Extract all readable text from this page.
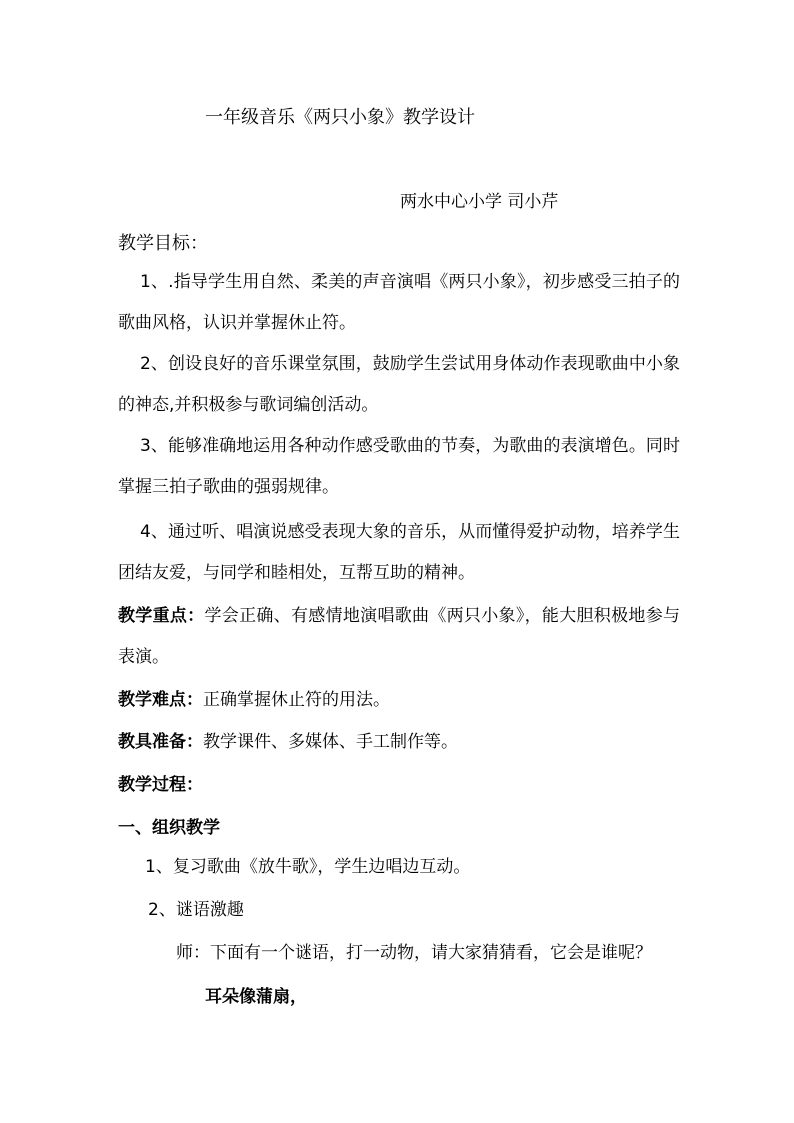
一年级音乐《两只小象》教学设计
两水中心小学 司小芹
教学目标：
1、.指导学生用自然、柔美的声音演唱《两只小象》，初步感受三拍子的歌曲风格，认识并掌握休止符。
2、创设良好的音乐课堂氛围，鼓励学生尝试用身体动作表现歌曲中小象的神态,并积极参与歌词编创活动。
3、能够准确地运用各种动作感受歌曲的节奏，为歌曲的表演增色。同时掌握三拍子歌曲的强弱规律。
4、通过听、唱演说感受表现大象的音乐，从而懂得爱护动物，培养学生团结友爱，与同学和睦相处，互帮互助的精神。
教学重点：学会正确、有感情地演唱歌曲《两只小象》，能大胆积极地参与表演。
教学难点：正确掌握休止符的用法。
教具准备：教学课件、多媒体、手工制作等。
教学过程：
一、组织教学
1、复习歌曲《放牛歌》，学生边唱边互动。
2、谜语激趣
师：下面有一个谜语，打一动物，请大家猜猜看，它会是谁呢？
耳朵像蒲扇，
